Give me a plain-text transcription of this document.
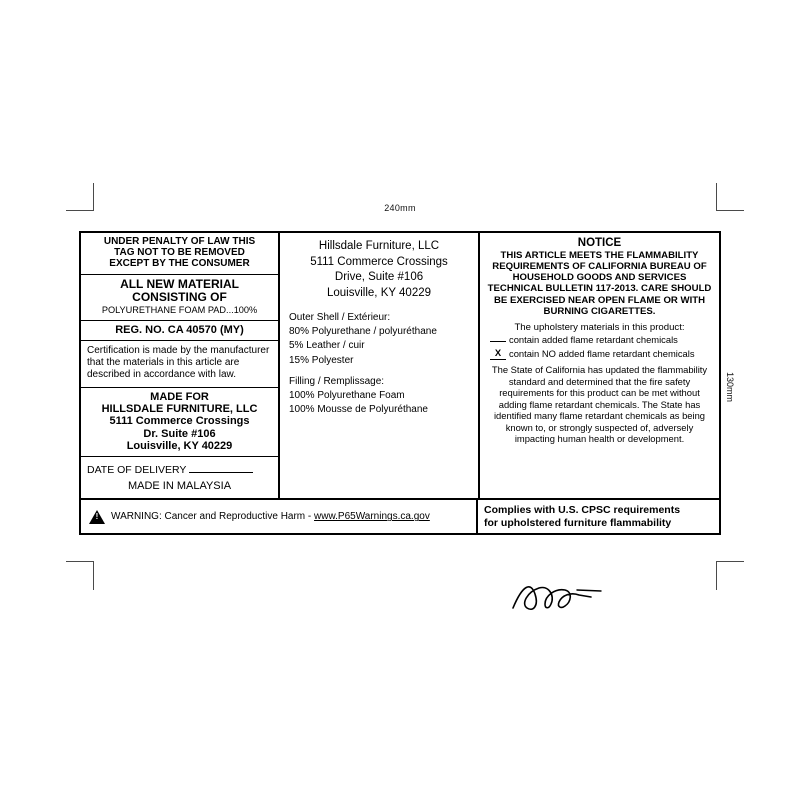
240mm
130mm
UNDER PENALTY OF LAW THIS
TAG NOT TO BE REMOVED
EXCEPT BY THE CONSUMER
ALL NEW MATERIAL
CONSISTING OF
POLYURETHANE FOAM PAD...100%
REG. NO. CA 40570 (MY)
Certification is made by the manufacturer that the materials in this article are described in accordance with law.
MADE FOR
HILLSDALE FURNITURE, LLC
5111 Commerce Crossings
Dr. Suite #106
Louisville, KY 40229
DATE OF DELIVERY
MADE IN MALAYSIA
Hillsdale Furniture, LLC
5111 Commerce Crossings
Drive, Suite #106
Louisville, KY 40229
Outer Shell / Extérieur:
80% Polyurethane / polyuréthane
5% Leather / cuir
15% Polyester
Filling / Remplissage:
100% Polyurethane Foam
100% Mousse de Polyuréthane
NOTICE
THIS ARTICLE MEETS THE FLAMMABILITY REQUIREMENTS OF CALIFORNIA BUREAU OF HOUSEHOLD GOODS AND SERVICES TECHNICAL BULLETIN 117-2013. CARE SHOULD BE EXERCISED NEAR OPEN FLAME OR WITH BURNING CIGARETTES.
The upholstery materials in this product:
contain added flame retardant chemicals
X contain NO added flame retardant chemicals
The State of California has updated the flammability standard and determined that the fire safety requirements for this product can be met without adding flame retardant chemicals. The State has identified many flame retardant chemicals as being known to, or strongly suspected of, adversely impacting human health or development.
!
WARNING: Cancer and Reproductive Harm - www.P65Warnings.ca.gov
Complies with U.S. CPSC requirements
for upholstered furniture flammability
